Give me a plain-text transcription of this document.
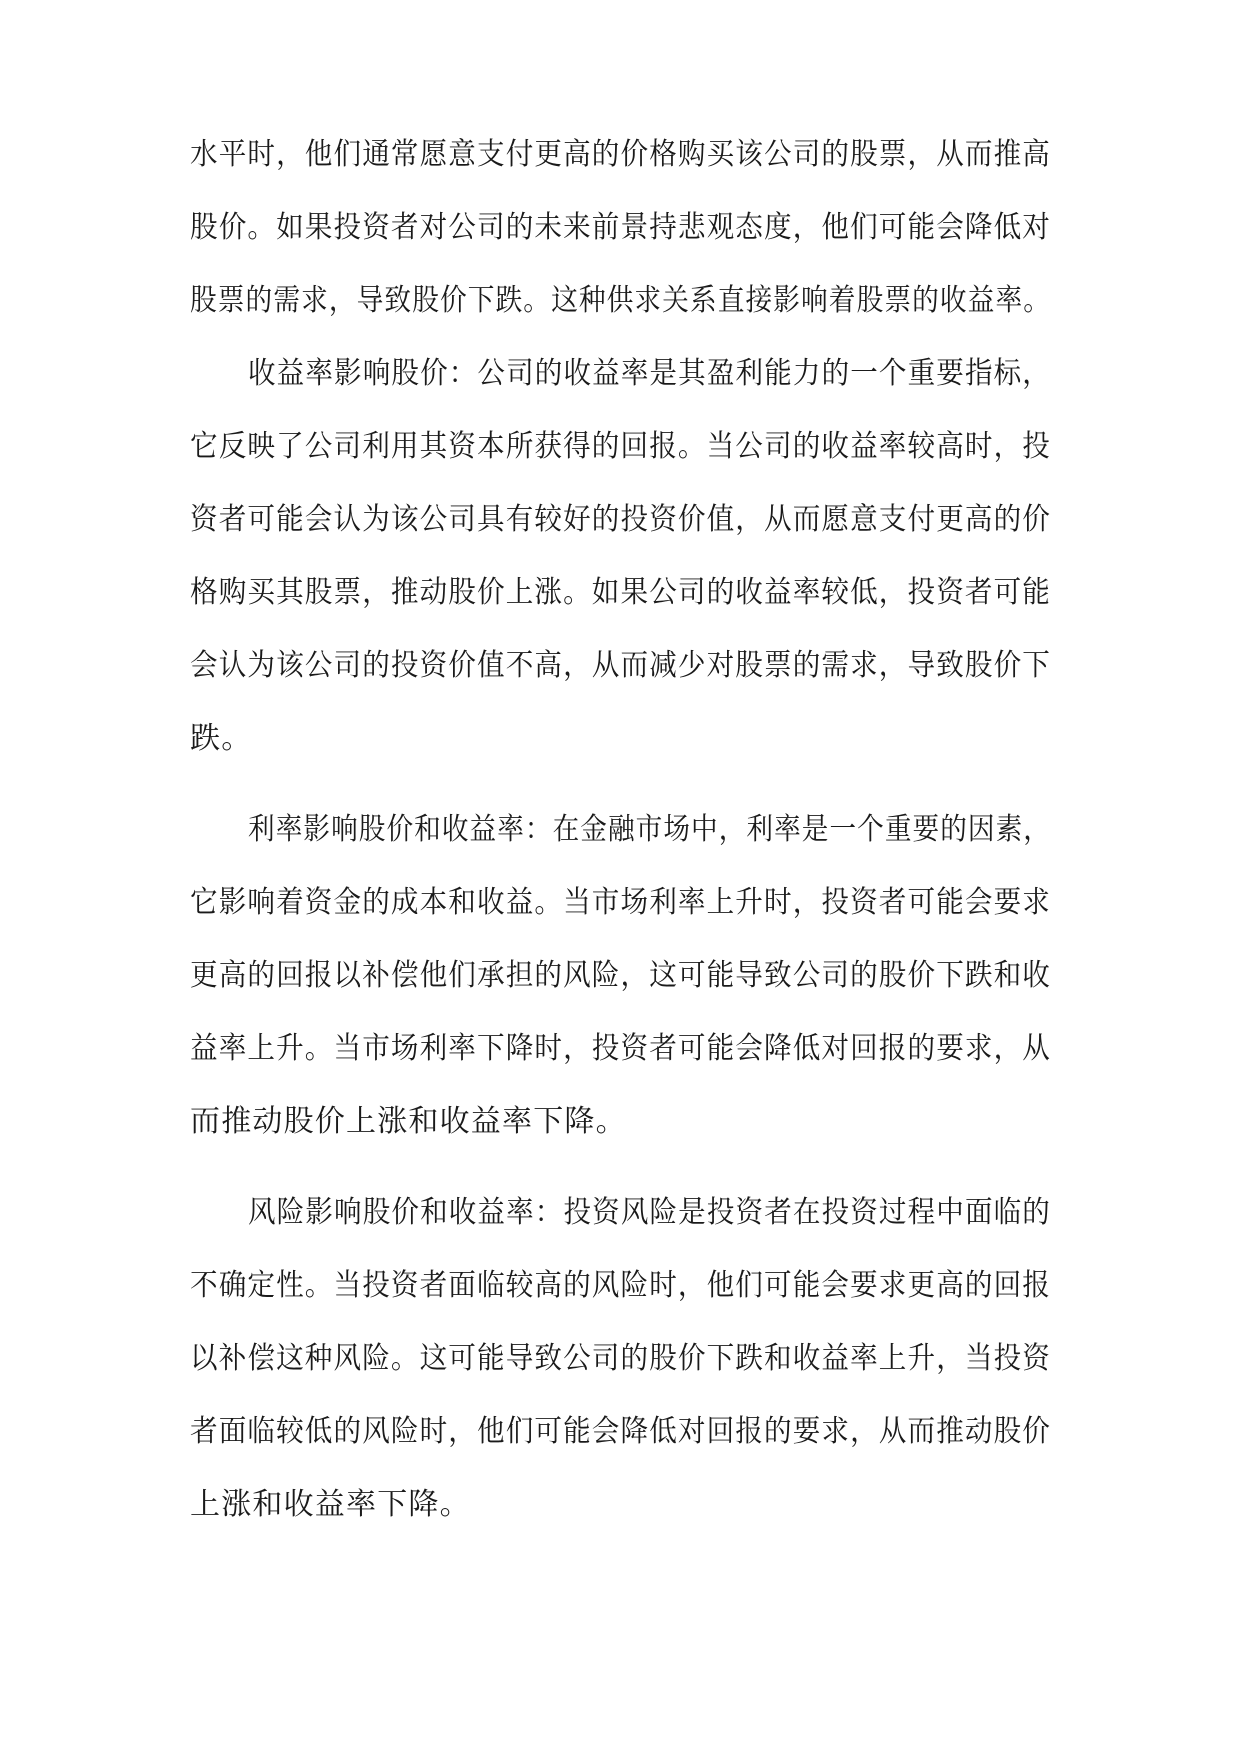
水平时，他们通常愿意支付更高的价格购买该公司的股票，从而推高
股价。如果投资者对公司的未来前景持悲观态度，他们可能会降低对
股票的需求，导致股价下跌。这种供求关系直接影响着股票的收益率。
收益率影响股价：公司的收益率是其盈利能力的一个重要指标，
它反映了公司利用其资本所获得的回报。当公司的收益率较高时，投
资者可能会认为该公司具有较好的投资价值，从而愿意支付更高的价
格购买其股票，推动股价上涨。如果公司的收益率较低，投资者可能
会认为该公司的投资价值不高，从而减少对股票的需求，导致股价下
跌。
利率影响股价和收益率：在金融市场中，利率是一个重要的因素，
它影响着资金的成本和收益。当市场利率上升时，投资者可能会要求
更高的回报以补偿他们承担的风险，这可能导致公司的股价下跌和收
益率上升。当市场利率下降时，投资者可能会降低对回报的要求，从
而推动股价上涨和收益率下降。
风险影响股价和收益率：投资风险是投资者在投资过程中面临的
不确定性。当投资者面临较高的风险时，他们可能会要求更高的回报
以补偿这种风险。这可能导致公司的股价下跌和收益率上升，当投资
者面临较低的风险时，他们可能会降低对回报的要求，从而推动股价
上涨和收益率下降。
